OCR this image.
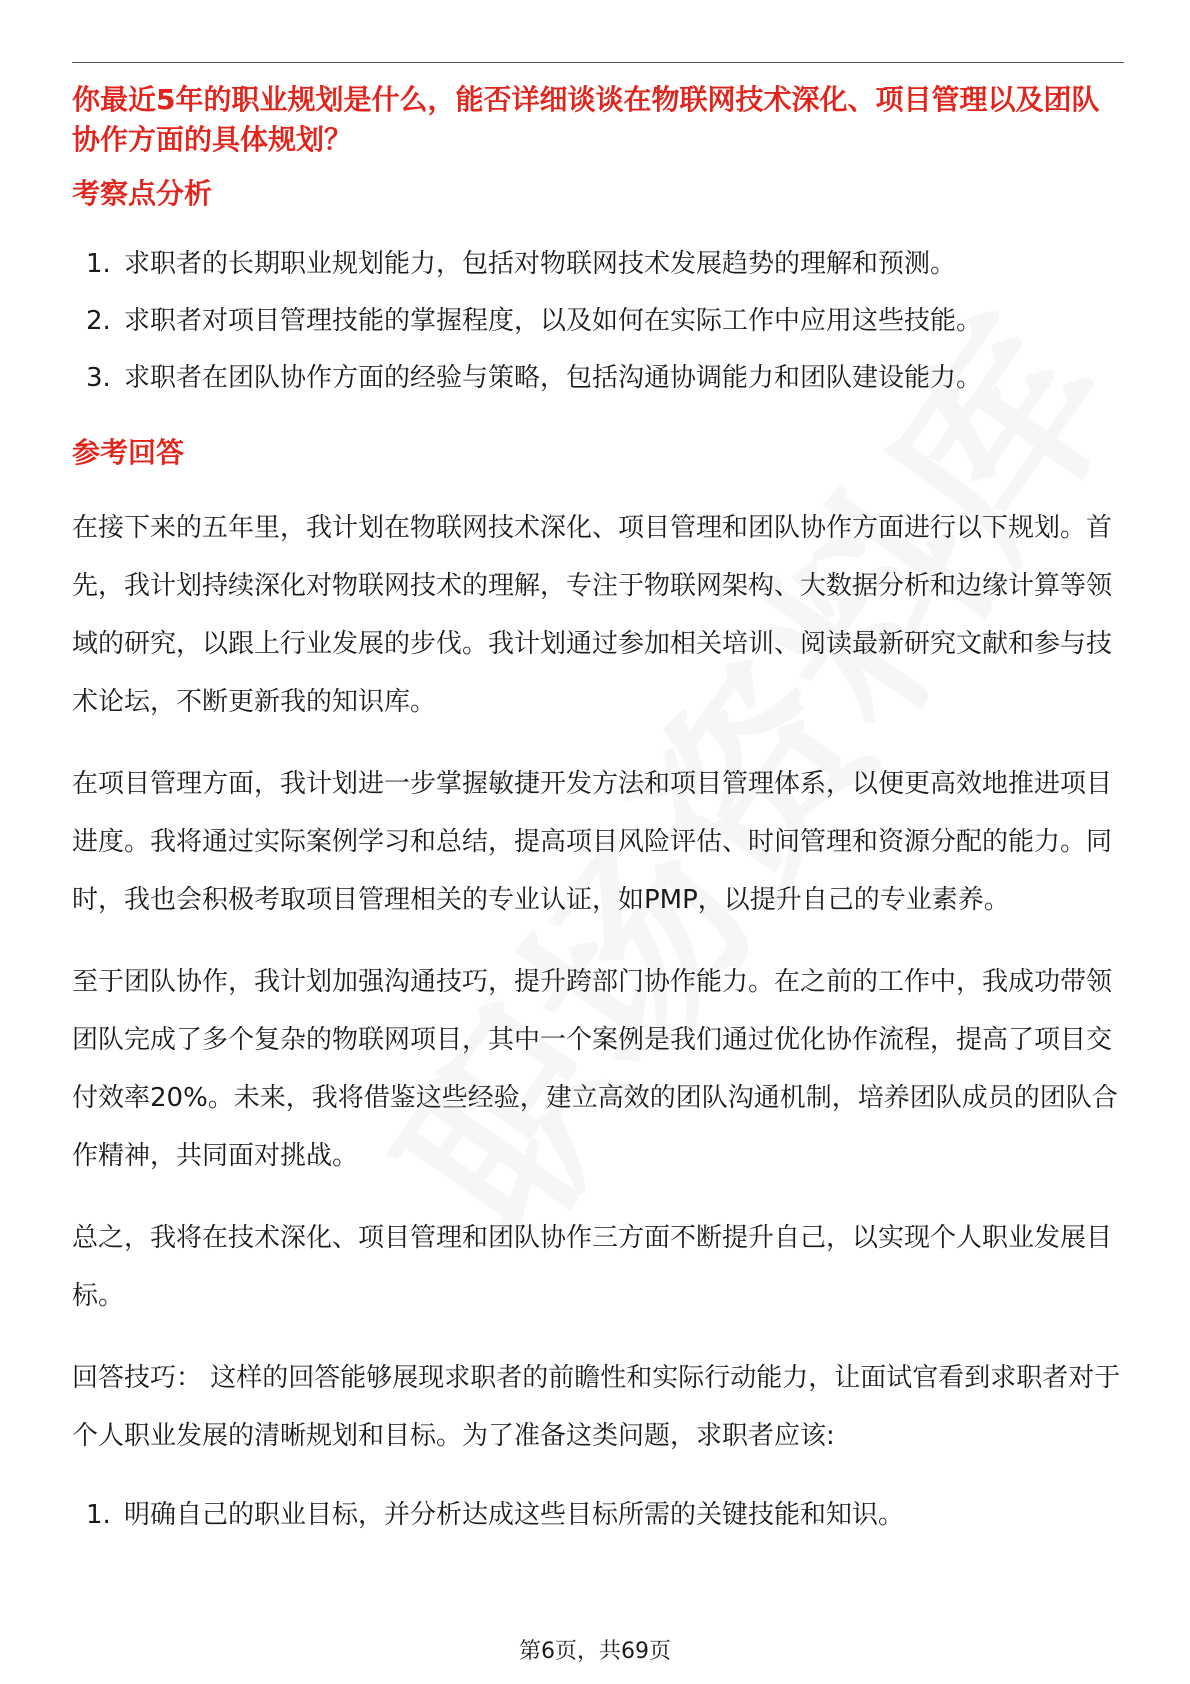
你最近5年的职业规划是什么，能否详细谈谈在物联网技术深化、项目管理以及团队协作方面的具体规划？

考察点分析

1. 求职者的长期职业规划能力，包括对物联网技术发展趋势的理解和预测。
2. 求职者对项目管理技能的掌握程度，以及如何在实际工作中应用这些技能。
3. 求职者在团队协作方面的经验与策略，包括沟通协调能力和团队建设能力。

参考回答

在接下来的五年里，我计划在物联网技术深化、项目管理和团队协作方面进行以下规划。首先，我计划持续深化对物联网技术的理解，专注于物联网架构、大数据分析和边缘计算等领域的研究，以跟上行业发展的步伐。我计划通过参加相关培训、阅读最新研究文献和参与技术论坛，不断更新我的知识库。

在项目管理方面，我计划进一步掌握敏捷开发方法和项目管理体系，以便更高效地推进项目进度。我将通过实际案例学习和总结，提高项目风险评估、时间管理和资源分配的能力。同时，我也会积极考取项目管理相关的专业认证，如PMP，以提升自己的专业素养。

至于团队协作，我计划加强沟通技巧，提升跨部门协作能力。在之前的工作中，我成功带领团队完成了多个复杂的物联网项目，其中一个案例是我们通过优化协作流程，提高了项目交付效率20%。未来，我将借鉴这些经验，建立高效的团队沟通机制，培养团队成员的团队合作精神，共同面对挑战。

总之，我将在技术深化、项目管理和团队协作三方面不断提升自己，以实现个人职业发展目标。

回答技巧： 这样的回答能够展现求职者的前瞻性和实际行动能力，让面试官看到求职者对于个人职业发展的清晰规划和目标。为了准备这类问题，求职者应该:

1. 明确自己的职业目标，并分析达成这些目标所需的关键技能和知识。
第6页，共69页
